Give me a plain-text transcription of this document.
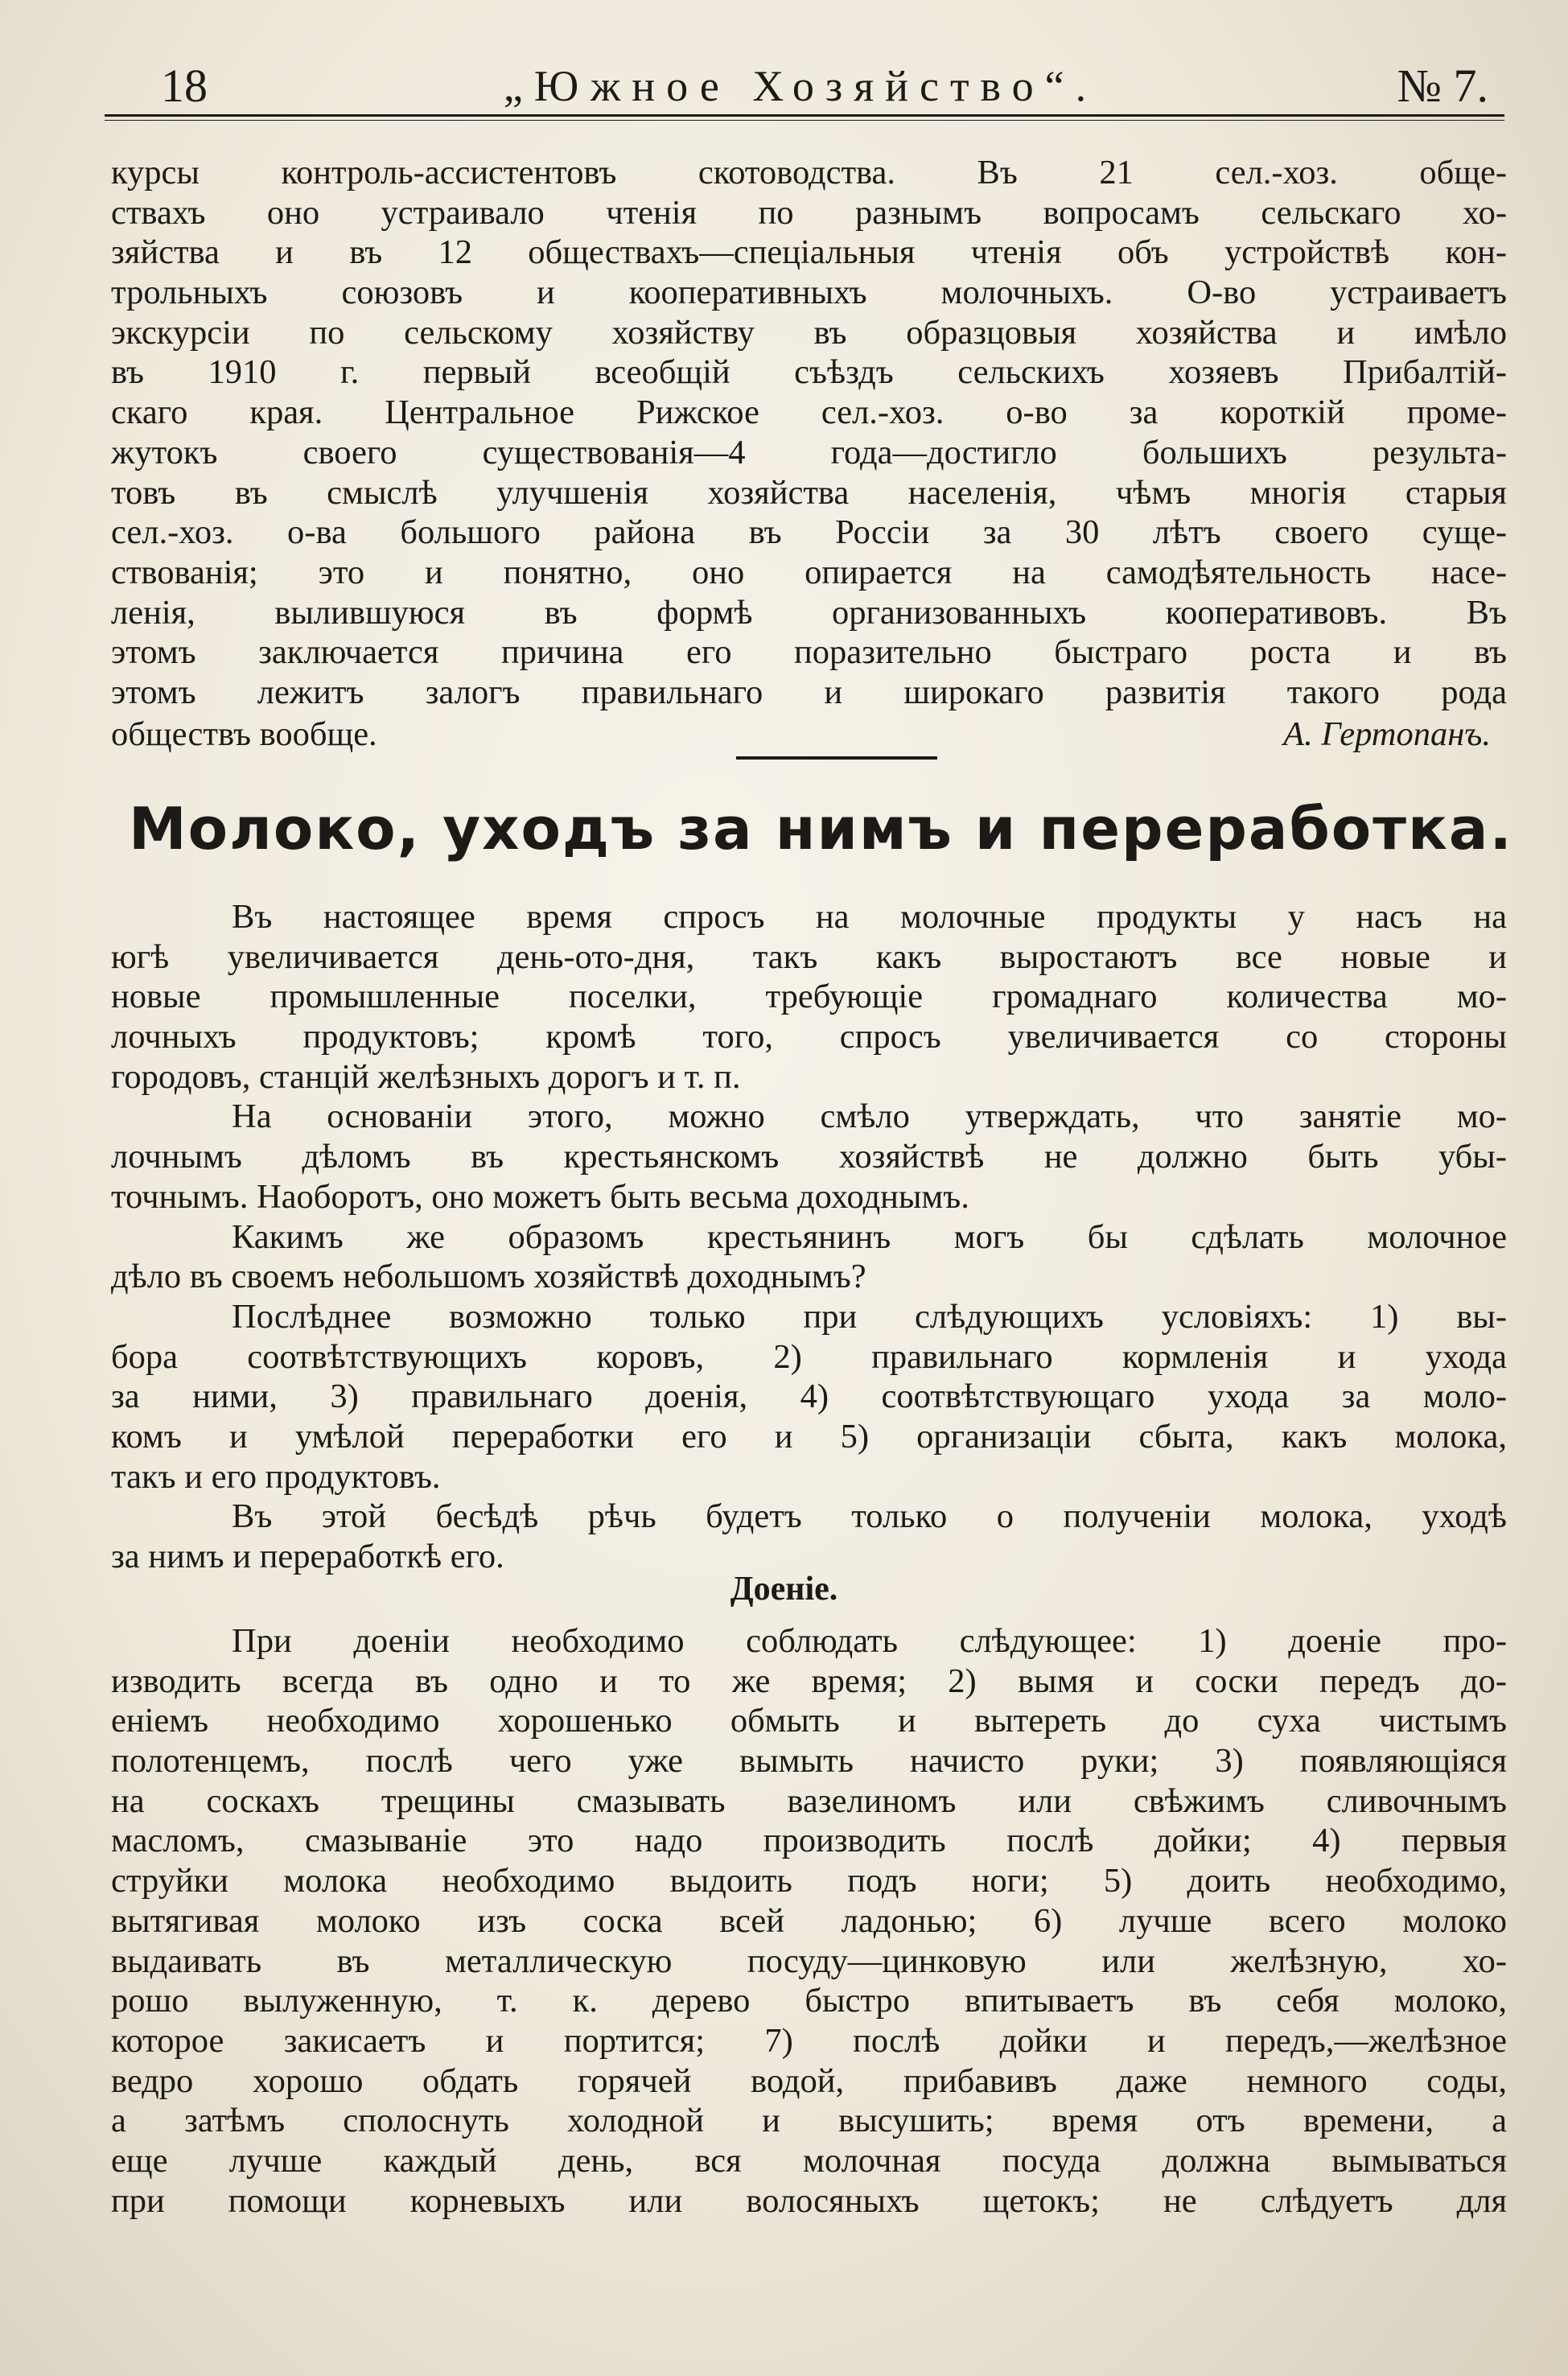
18	„Южное Хозяйство“.	№ 7.
курсы контроль-ассистентовъ скотоводства. Въ 21 сел.-хоз. обще-
ствахъ оно устраивало чтенія по разнымъ вопросамъ сельскаго хо-
зяйства и въ 12 обществахъ—спеціальныя чтенія объ устройствѣ кон-
трольныхъ союзовъ и кооперативныхъ молочныхъ. О-во устраиваетъ
экскурсіи по сельскому хозяйству въ образцовыя хозяйства и имѣло
въ 1910 г. первый всеобщій съѣздъ сельскихъ хозяевъ Прибалтій-
скаго края. Центральное Рижское сел.-хоз. о-во за короткій проме-
жутокъ своего существованія—4 года—достигло большихъ результа-
товъ въ смыслѣ улучшенія хозяйства населенія, чѣмъ многія старыя
сел.-хоз. о-ва большого района въ Россіи за 30 лѣтъ своего суще-
ствованія; это и понятно, оно опирается на самодѣятельность насе-
ленія, вылившуюся въ формѣ организованныхъ кооперативовъ. Въ
этомъ заключается причина его поразительно быстраго роста и въ
этомъ лежитъ залогъ правильнаго и широкаго развитія такого рода
обществъ вообще.	А. Гертопанъ.
Молоко, уходъ за нимъ и переработка.
Въ настоящее время спросъ на молочные продукты у насъ на
югѣ увеличивается день-ото-дня, такъ какъ выростаютъ все новые и
новые промышленные поселки, требующіе громаднаго количества мо-
лочныхъ продуктовъ; кромѣ того, спросъ увеличивается со стороны
городовъ, станцій желѣзныхъ дорогъ и т. п.
На основаніи этого, можно смѣло утверждать, что занятіе мо-
лочнымъ дѣломъ въ крестьянскомъ хозяйствѣ не должно быть убы-
точнымъ. Наоборотъ, оно можетъ быть весьма доходнымъ.
Какимъ же образомъ крестьянинъ могъ бы сдѣлать молочное
дѣло въ своемъ небольшомъ хозяйствѣ доходнымъ?
Послѣднее возможно только при слѣдующихъ условіяхъ: 1) вы-
бора соотвѣтствующихъ коровъ, 2) правильнаго кормленія и ухода
за ними, 3) правильнаго доенія, 4) соотвѣтствующаго ухода за моло-
комъ и умѣлой переработки его и 5) организаціи сбыта, какъ молока,
такъ и его продуктовъ.
Въ этой бесѣдѣ рѣчь будетъ только о полученіи молока, уходѣ
за нимъ и переработкѣ его.
Доеніе.
При доеніи необходимо соблюдать слѣдующее: 1) доеніе про-
изводить всегда въ одно и то же время; 2) вымя и соски передъ до-
еніемъ необходимо хорошенько обмыть и вытереть до суха чистымъ
полотенцемъ, послѣ чего уже вымыть начисто руки; 3) появляющіяся
на соскахъ трещины смазывать вазелиномъ или свѣжимъ сливочнымъ
масломъ, смазываніе это надо производить послѣ дойки; 4) первыя
струйки молока необходимо выдоить подъ ноги; 5) доить необходимо,
вытягивая молоко изъ соска всей ладонью; 6) лучше всего молоко
выдаивать въ металлическую посуду—цинковую или желѣзную, хо-
рошо вылуженную, т. к. дерево быстро впитываетъ въ себя молоко,
которое закисаетъ и портится; 7) послѣ дойки и передъ,—желѣзное
ведро хорошо обдать горячей водой, прибавивъ даже немного соды,
а затѣмъ сполоснуть холодной и высушить; время отъ времени, а
еще лучше каждый день, вся молочная посуда должна вымываться
при помощи корневыхъ или волосяныхъ щетокъ; не слѣдуетъ для
